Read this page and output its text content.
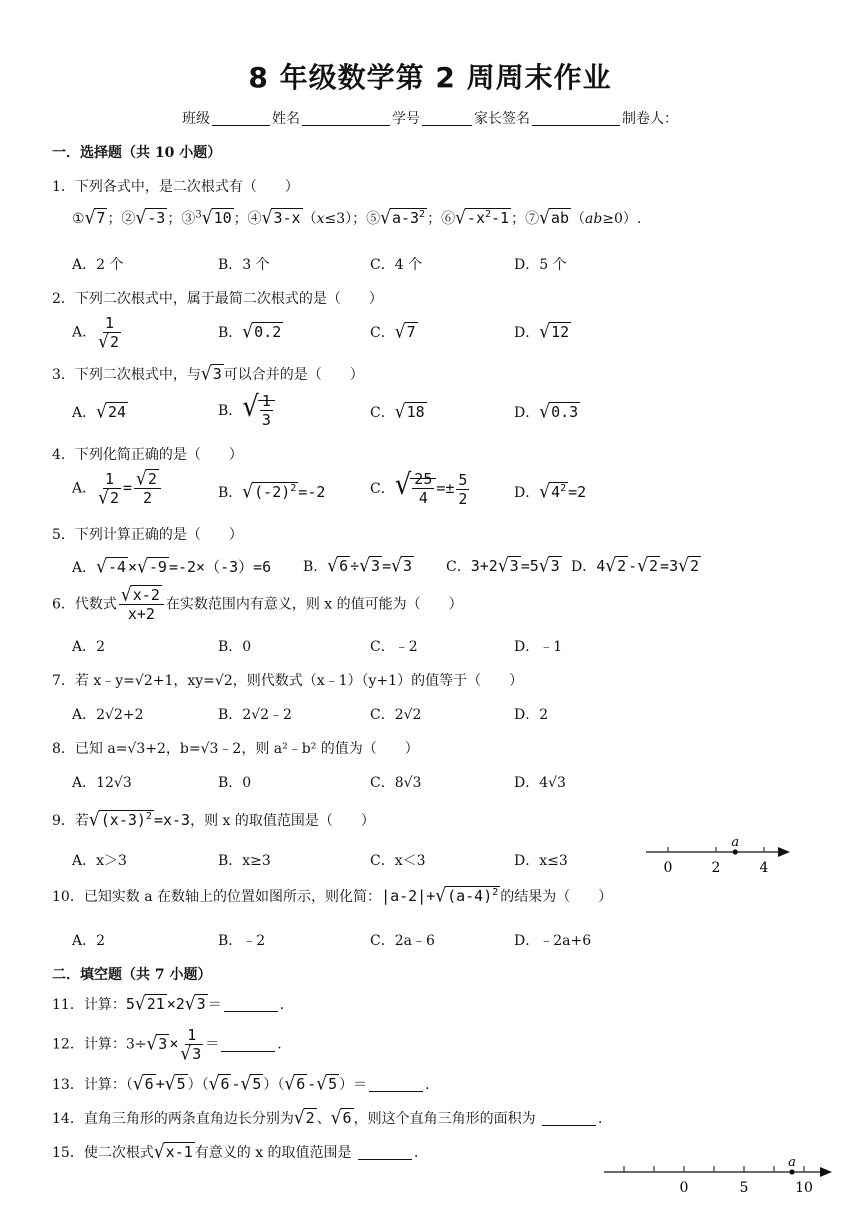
8 年级数学第 2 周周末作业
班级	姓名	学号	家长签名	制卷人：
一．选择题（共 10 小题）
1．下列各式中，是二次根式有（　　）
①√7 ；②√-3 ；③$^3$√10 ；④√3-x （x≤3）；$⑤√a-3^2$ ；$⑥√-x^2-1$ ；⑦√ab （ab≥0）.
A．2 个	B．3 个	C．4 个	D．5 个
2．下列二次根式中，属于最简二次根式的是（　　）
A． $\frac{1}{√2}$	B．√0.2	C．√7	D．√12
3．下列二次根式中，与√3 可以合并的是（　　）
A．√24	B．√ $\frac{1}{3}$	C．√18	D．√0.3
4．下列化简正确的是（　　）
A． $\frac{1}{√2} = \frac{√2}{2}$	B．$√(-2)^2 =-2$	C．√ $\frac{25}{4} =\pm \frac{5}{2}$	D．$√4^2 =2$
5．下列计算正确的是（　　）
A．√-4 ×√-9 =-2×（-3）=6 B．√6 ÷√3 =√3 C．3+2√3 =5√3 D．4√2 -√2 =3√2
6．代数式 $\frac{√x-2}{x+2}$ 在实数范围内有意义，则 x 的值可能为（　　）
A．2	B．0	C．﹣2	D．﹣1
7．若 x﹣y=√2+1，xy=√2，则代数式（x﹣1）（y+1）的值等于（　　）
A．2√2+2	B．2√2﹣2	C．2√2	D．2
8．已知 a=√3+2，b=√3﹣2，则 a²﹣b² 的值为（　　）
A．12√3	B．0	C．8√3	D．4√3
9．若$√(x-3)^2 =x-3$，则 x 的取值范围是（　　）
A．x＞3	B．x≥3	C．x＜3	D．x≤3	0	2	4
a
10．已知实数 a 在数轴上的位置如图所示，则化简：$|a-2|+√(a-4)^2$ 的结果为（　　）
A．2	B．﹣2	C．2a﹣6	D．﹣2a+6
二．填空题（共 7 小题）
11．计算：5√21 ×2√3 ＝	．
12．计算：$3\div√3 \times \frac{1}{√3}$ ＝	．
13．计算：（√6 +√5 ）（√6 -√5 ）（√6 -√5 ）＝	．
14．直角三角形的两条直角边长分别为√2 、√6 ，则这个直角三角形的面积为	．
15．使二次根式√x-1 有意义的 x 的取值范围是	．
0	5	10
a
